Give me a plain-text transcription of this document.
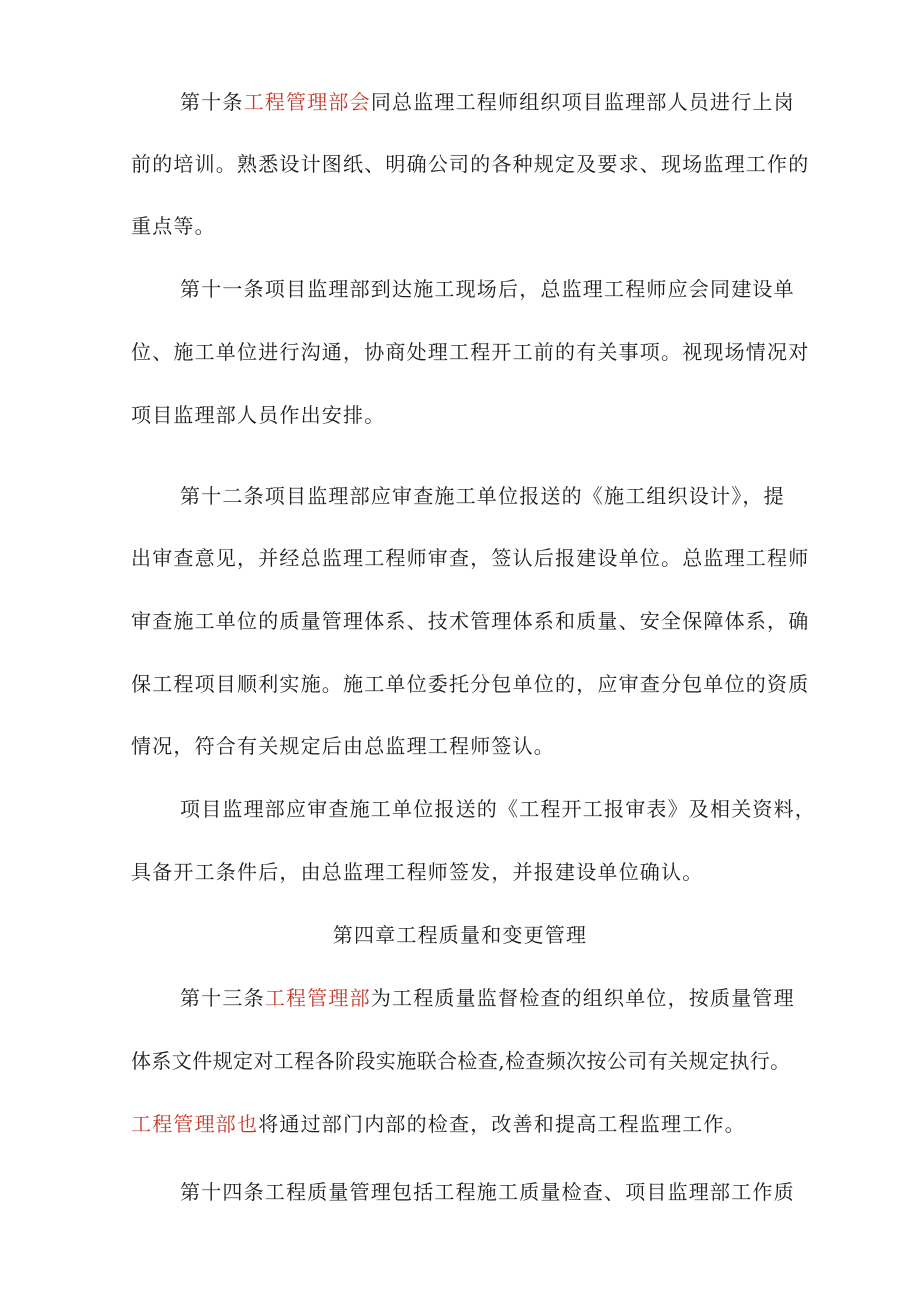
第十条工程管理部会同总监理工程师组织项目监理部人员进行上岗
前的培训。熟悉设计图纸、明确公司的各种规定及要求、现场监理工作的
重点等。
第十一条项目监理部到达施工现场后，总监理工程师应会同建设单
位、施工单位进行沟通，协商处理工程开工前的有关事项。视现场情况对
项目监理部人员作出安排。
第十二条项目监理部应审查施工单位报送的《施工组织设计》，提
出审查意见，并经总监理工程师审查，签认后报建设单位。总监理工程师
审查施工单位的质量管理体系、技术管理体系和质量、安全保障体系，确
保工程项目顺利实施。施工单位委托分包单位的，应审查分包单位的资质
情况，符合有关规定后由总监理工程师签认。
项目监理部应审查施工单位报送的《工程开工报审表》及相关资料，
具备开工条件后，由总监理工程师签发，并报建设单位确认。
第四章工程质量和变更管理
第十三条工程管理部为工程质量监督检查的组织单位，按质量管理
体系文件规定对工程各阶段实施联合检查,检查频次按公司有关规定执行。
工程管理部也将通过部门内部的检查，改善和提高工程监理工作。
第十四条工程质量管理包括工程施工质量检查、项目监理部工作质
